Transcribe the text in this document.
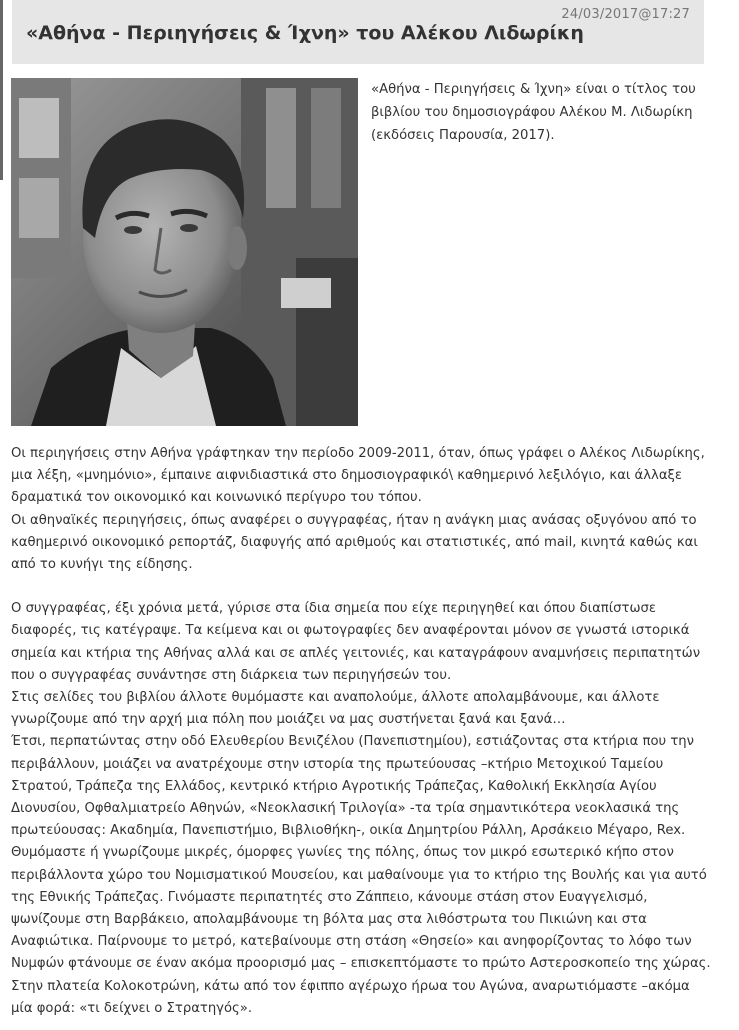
24/03/2017@17:27
«Αθήνα - Περιηγήσεις & Ίχνη» του Αλέκου Λιδωρίκη

«Αθήνα - Περιηγήσεις & Ίχνη» είναι ο τίτλος του βιβλίου του δημοσιογράφου Αλέκου Μ. Λιδωρίκη (εκδόσεις Παρουσία, 2017).

Οι περιηγήσεις στην Αθήνα γράφτηκαν την περίοδο 2009-2011, όταν, όπως γράφει ο Αλέκος Λιδωρίκης, μια λέξη, «μνημόνιο», έμπαινε αιφνιδιαστικά στο δημοσιογραφικό\ καθημερινό λεξιλόγιο, και άλλαξε δραματικά τον οικονομικό και κοινωνικό περίγυρο του τόπου.

Οι αθηναϊκές περιηγήσεις, όπως αναφέρει ο συγγραφέας, ήταν η ανάγκη μιας ανάσας οξυγόνου από το καθημερινό οικονομικό ρεπορτάζ, διαφυγής από αριθμούς και στατιστικές, από mail, κινητά καθώς και από το κυνήγι της είδησης.

Ο συγγραφέας, έξι χρόνια μετά, γύρισε στα ίδια σημεία που είχε περιηγηθεί και όπου διαπίστωσε διαφορές, τις κατέγραψε. Τα κείμενα και οι φωτογραφίες δεν αναφέρονται μόνον σε γνωστά ιστορικά σημεία και κτήρια της Αθήνας αλλά και σε απλές γειτονιές, και καταγράφουν αναμνήσεις περιπατητών που ο συγγραφέας συνάντησε στη διάρκεια των περιηγήσεών του.

Στις σελίδες του βιβλίου άλλοτε θυμόμαστε και αναπολούμε, άλλοτε απολαμβάνουμε, και άλλοτε γνωρίζουμε από την αρχή μια πόλη που μοιάζει να μας συστήνεται ξανά και ξανά…

Έτσι, περπατώντας στην οδό Ελευθερίου Βενιζέλου (Πανεπιστημίου), εστιάζοντας στα κτήρια που την περιβάλλουν, μοιάζει να ανατρέχουμε στην ιστορία της πρωτεύουσας –κτήριο Μετοχικού Ταμείου Στρατού, Τράπεζα της Ελλάδος, κεντρικό κτήριο Αγροτικής Τράπεζας, Καθολική Εκκλησία Αγίου Διονυσίου, Οφθαλμιατρείο Αθηνών, «Νεοκλασική Τριλογία» -τα τρία σημαντικότερα νεοκλασικά της πρωτεύουσας: Ακαδημία, Πανεπιστήμιο, Βιβλιοθήκη-, οικία Δημητρίου Ράλλη, Αρσάκειο Μέγαρο, Rex.

Θυμόμαστε ή γνωρίζουμε μικρές, όμορφες γωνίες της πόλης, όπως τον μικρό εσωτερικό κήπο στον περιβάλλοντα χώρο του Νομισματικού Μουσείου, και μαθαίνουμε για το κτήριο της Βουλής και για αυτό της Εθνικής Τράπεζας. Γινόμαστε περιπατητές στο Ζάππειο, κάνουμε στάση στον Ευαγγελισμό, ψωνίζουμε στη Βαρβάκειο, απολαμβάνουμε τη βόλτα μας στα λιθόστρωτα του Πικιώνη και στα Αναφιώτικα. Παίρνουμε το μετρό, κατεβαίνουμε στη στάση «Θησείο» και ανηφορίζοντας το λόφο των Νυμφών φτάνουμε σε έναν ακόμα προορισμό μας – επισκεπτόμαστε το πρώτο Αστεροσκοπείο της χώρας. Στην πλατεία Κολοκοτρώνη, κάτω από τον έφιππο αγέρωχο ήρωα του Αγώνα, αναρωτιόμαστε –ακόμα μία φορά: «τι δείχνει ο Στρατηγός».
